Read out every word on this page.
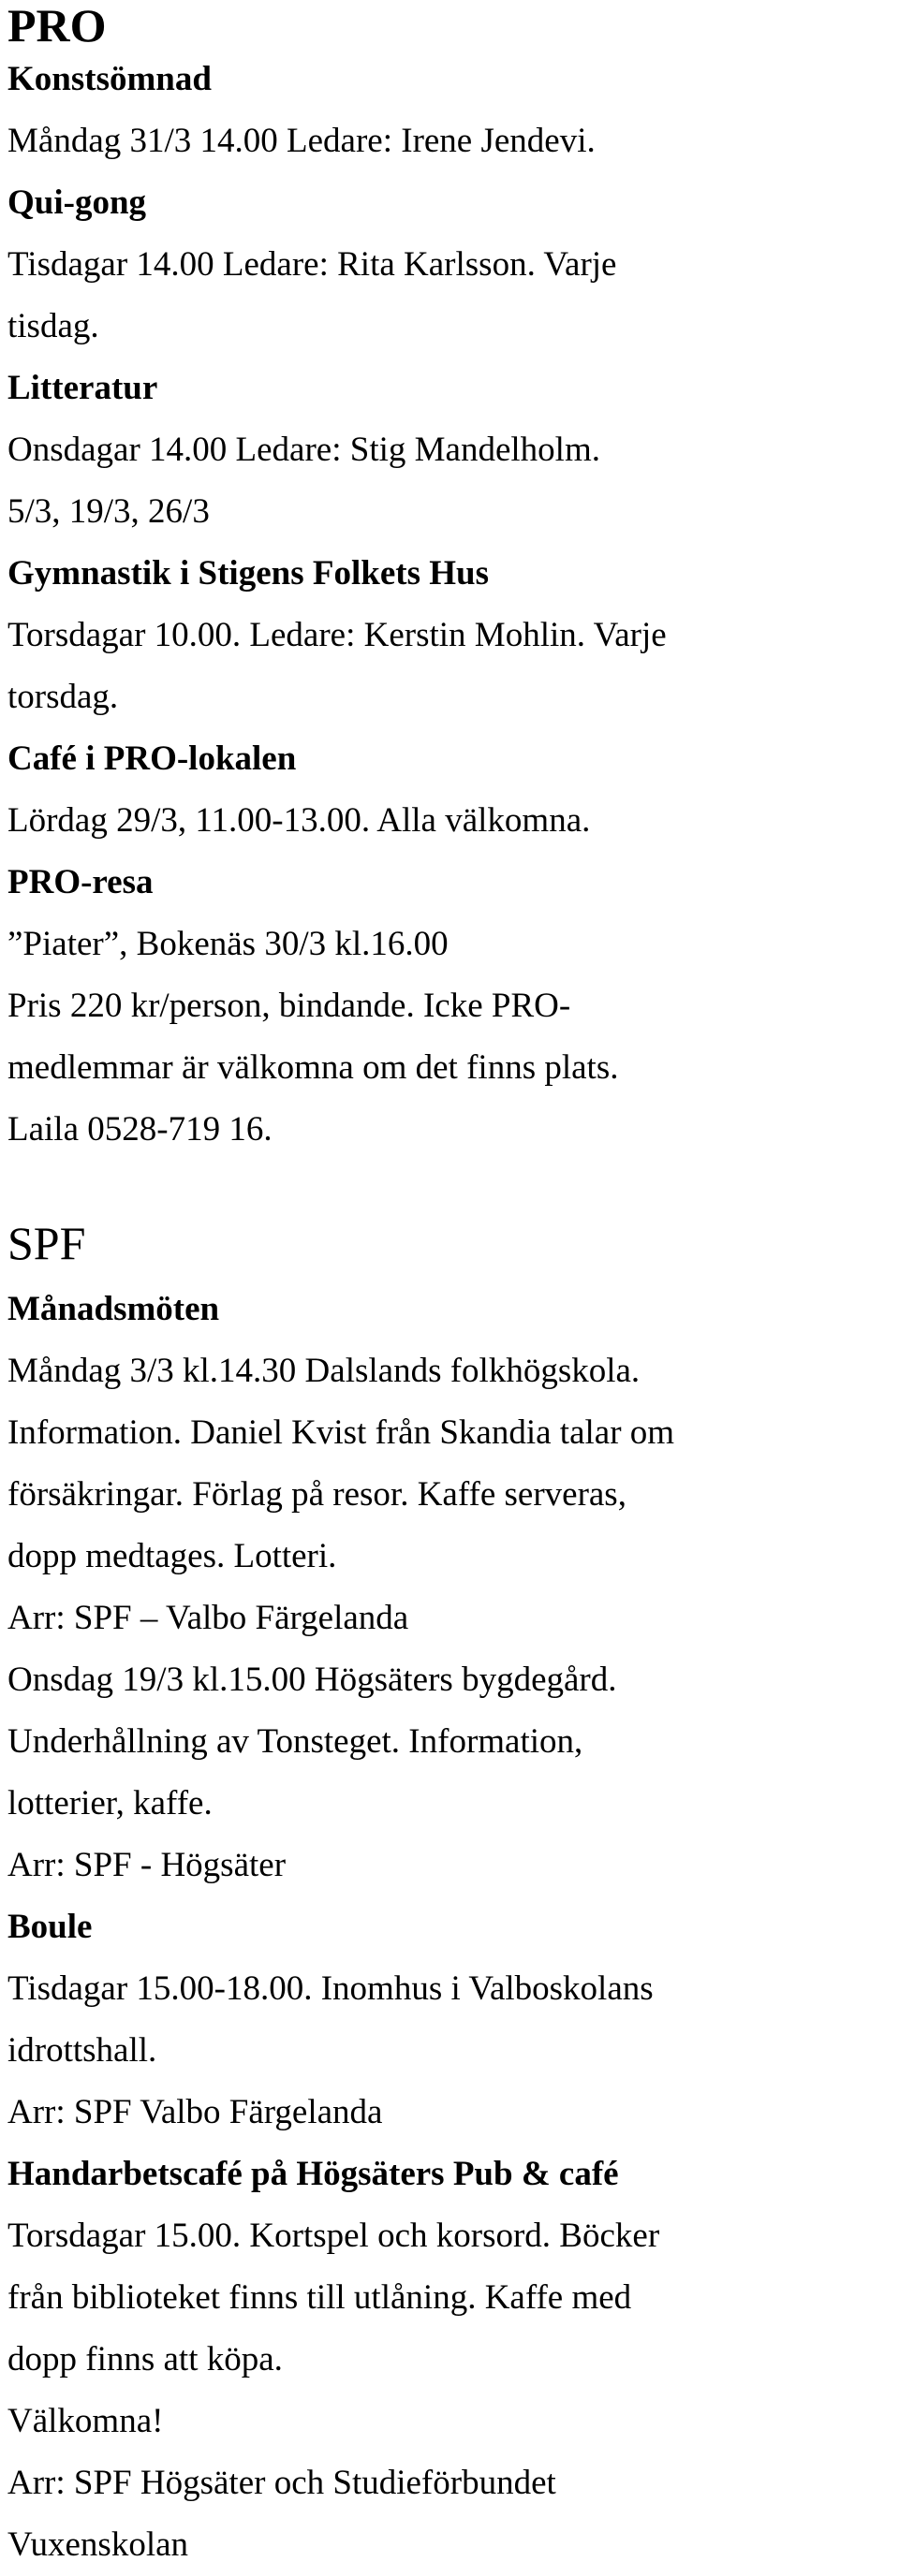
PRO
Konstsömnad
Måndag 31/3 14.00 Ledare: Irene Jendevi.
Qui-gong
Tisdagar 14.00 Ledare: Rita Karlsson. Varje
tisdag.
Litteratur
Onsdagar 14.00 Ledare: Stig Mandelholm.
5/3, 19/3, 26/3
Gymnastik i Stigens Folkets Hus
Torsdagar 10.00. Ledare: Kerstin Mohlin. Varje
torsdag.
Café i PRO-lokalen
Lördag 29/3, 11.00-13.00. Alla välkomna.
PRO-resa
”Piater”, Bokenäs 30/3 kl.16.00
Pris 220 kr/person, bindande. Icke PRO-
medlemmar är välkomna om det finns plats.
Laila 0528-719 16.
SPF
Månadsmöten
Måndag 3/3 kl.14.30 Dalslands folkhögskola.
Information. Daniel Kvist från Skandia talar om
försäkringar. Förlag på resor. Kaffe serveras,
dopp medtages. Lotteri.
Arr: SPF – Valbo Färgelanda
Onsdag 19/3 kl.15.00 Högsäters bygdegård.
Underhållning av Tonsteget. Information,
lotterier, kaffe.
Arr: SPF - Högsäter
Boule
Tisdagar 15.00-18.00. Inomhus i Valboskolans
idrottshall.
Arr: SPF Valbo Färgelanda
Handarbetscafé på Högsäters Pub & café
Torsdagar 15.00. Kortspel och korsord. Böcker
från biblioteket finns till utlåning. Kaffe med
dopp finns att köpa.
Välkomna!
Arr: SPF Högsäter och Studieförbundet
Vuxenskolan
